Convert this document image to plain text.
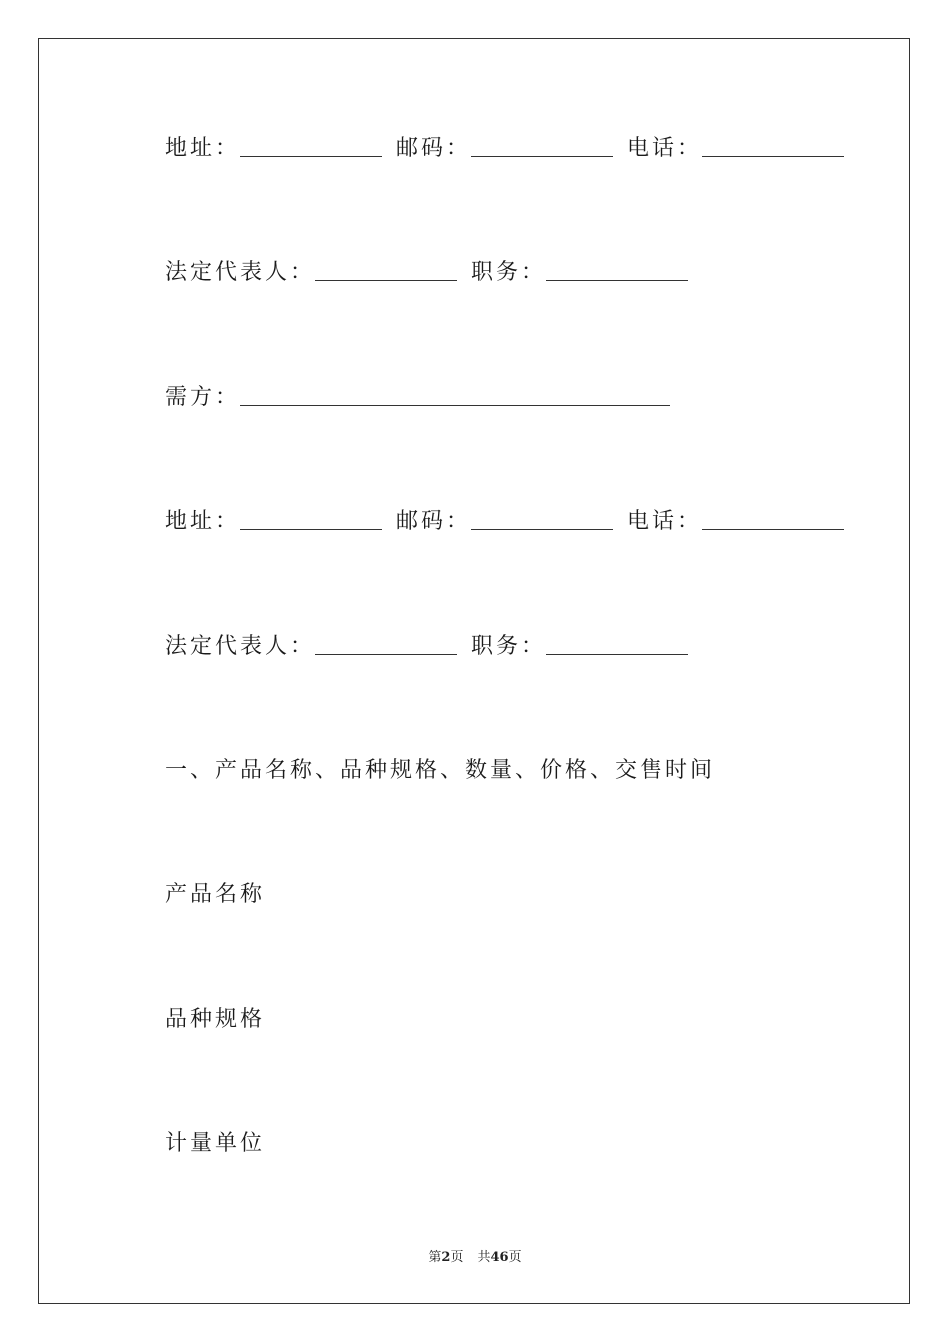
地址：	邮码：	电话：
法定代表人：	职务：
需方：
地址：	邮码：	电话：
法定代表人：	职务：
一、产品名称、品种规格、数量、价格、交售时间
产品名称
品种规格
计量单位
第2页 共46页
